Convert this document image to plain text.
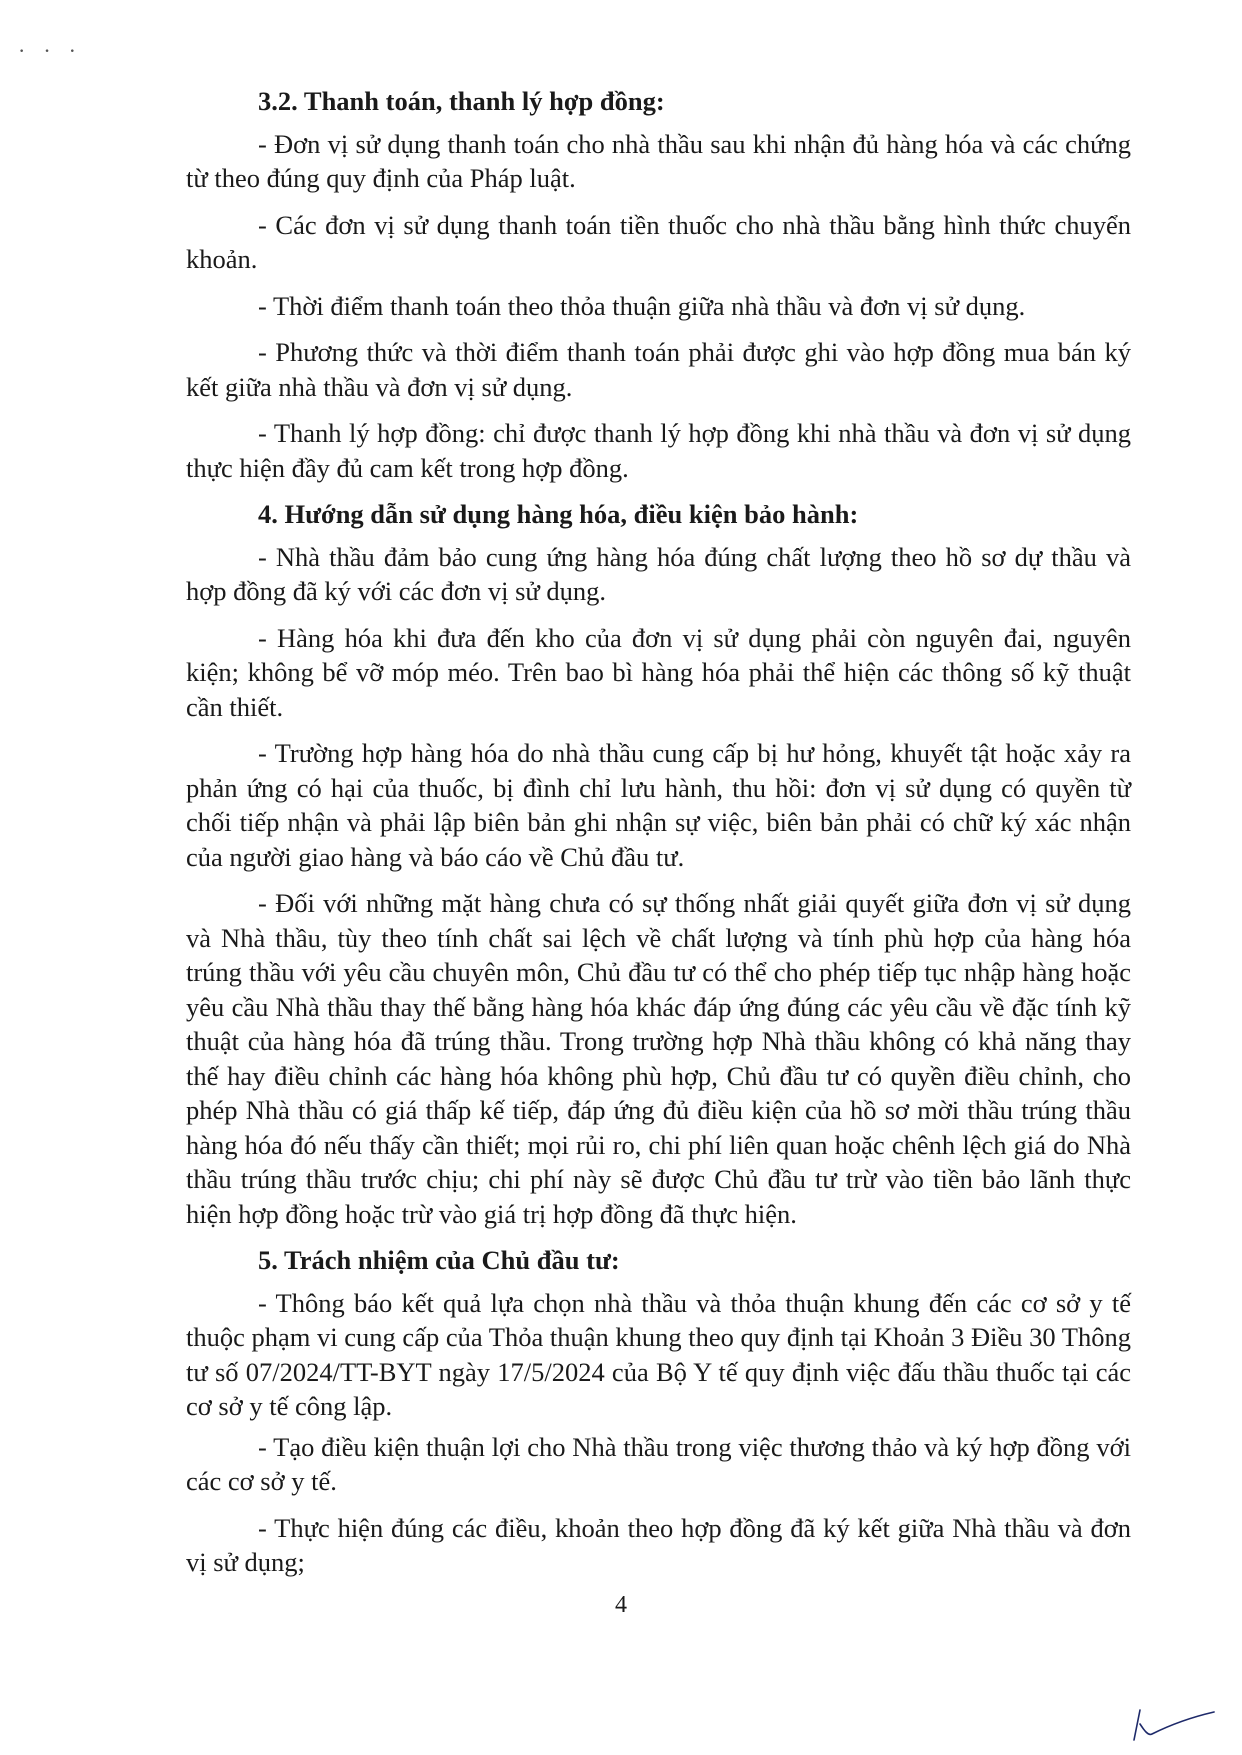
···

3.2. Thanh toán, thanh lý hợp đồng:

- Đơn vị sử dụng thanh toán cho nhà thầu sau khi nhận đủ hàng hóa và các chứng từ theo đúng quy định của Pháp luật.

- Các đơn vị sử dụng thanh toán tiền thuốc cho nhà thầu bằng hình thức chuyển khoản.

- Thời điểm thanh toán theo thỏa thuận giữa nhà thầu và đơn vị sử dụng.

- Phương thức và thời điểm thanh toán phải được ghi vào hợp đồng mua bán ký kết giữa nhà thầu và đơn vị sử dụng.

- Thanh lý hợp đồng: chỉ được thanh lý hợp đồng khi nhà thầu và đơn vị sử dụng thực hiện đầy đủ cam kết trong hợp đồng.

4. Hướng dẫn sử dụng hàng hóa, điều kiện bảo hành:

- Nhà thầu đảm bảo cung ứng hàng hóa đúng chất lượng theo hồ sơ dự thầu và hợp đồng đã ký với các đơn vị sử dụng.

- Hàng hóa khi đưa đến kho của đơn vị sử dụng phải còn nguyên đai, nguyên kiện; không bể vỡ móp méo. Trên bao bì hàng hóa phải thể hiện các thông số kỹ thuật cần thiết.

- Trường hợp hàng hóa do nhà thầu cung cấp bị hư hỏng, khuyết tật hoặc xảy ra phản ứng có hại của thuốc, bị đình chỉ lưu hành, thu hồi: đơn vị sử dụng có quyền từ chối tiếp nhận và phải lập biên bản ghi nhận sự việc, biên bản phải có chữ ký xác nhận của người giao hàng và báo cáo về Chủ đầu tư.

- Đối với những mặt hàng chưa có sự thống nhất giải quyết giữa đơn vị sử dụng và Nhà thầu, tùy theo tính chất sai lệch về chất lượng và tính phù hợp của hàng hóa trúng thầu với yêu cầu chuyên môn, Chủ đầu tư có thể cho phép tiếp tục nhập hàng hoặc yêu cầu Nhà thầu thay thế bằng hàng hóa khác đáp ứng đúng các yêu cầu về đặc tính kỹ thuật của hàng hóa đã trúng thầu. Trong trường hợp Nhà thầu không có khả năng thay thế hay điều chỉnh các hàng hóa không phù hợp, Chủ đầu tư có quyền điều chỉnh, cho phép Nhà thầu có giá thấp kế tiếp, đáp ứng đủ điều kiện của hồ sơ mời thầu trúng thầu hàng hóa đó nếu thấy cần thiết; mọi rủi ro, chi phí liên quan hoặc chênh lệch giá do Nhà thầu trúng thầu trước chịu; chi phí này sẽ được Chủ đầu tư trừ vào tiền bảo lãnh thực hiện hợp đồng hoặc trừ vào giá trị hợp đồng đã thực hiện.

5. Trách nhiệm của Chủ đầu tư:

- Thông báo kết quả lựa chọn nhà thầu và thỏa thuận khung đến các cơ sở y tế thuộc phạm vi cung cấp của Thỏa thuận khung theo quy định tại Khoản 3 Điều 30 Thông tư số 07/2024/TT-BYT ngày 17/5/2024 của Bộ Y tế quy định việc đấu thầu thuốc tại các cơ sở y tế công lập.

- Tạo điều kiện thuận lợi cho Nhà thầu trong việc thương thảo và ký hợp đồng với các cơ sở y tế.

- Thực hiện đúng các điều, khoản theo hợp đồng đã ký kết giữa Nhà thầu và đơn vị sử dụng;

4
